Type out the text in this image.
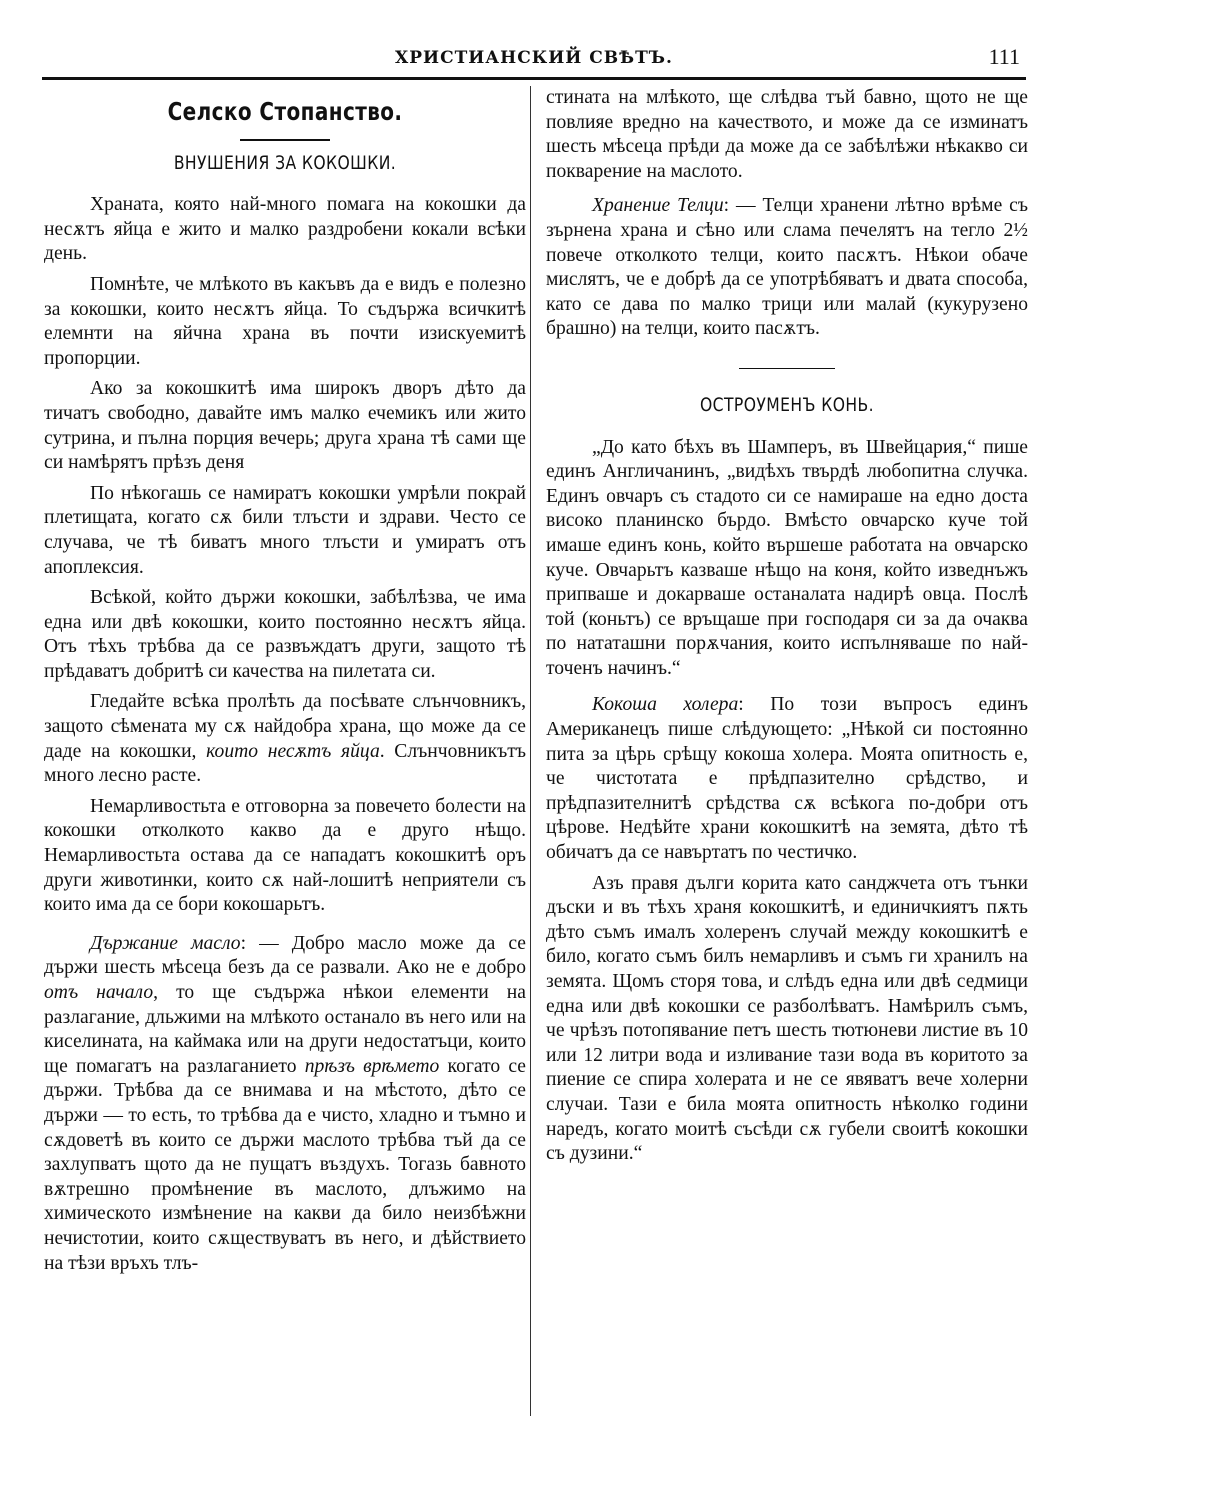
ХРИСТИАНСКИЙ СВѢТЪ.	111
Селско Стопанство.
ВНУШЕНИЯ ЗА КОКОШКИ.

Храната, която най-много помага на кокошки да несѫтъ яйца е жито и малко раздробени кокали всѣки день.

Помнѣте, че млѣкото въ какъвъ да е видъ е полезно за кокошки, които несѫтъ яйца. То съдържа всичкитѣ елемнти на яйчна храна въ почти изискуемитѣ пропорции.

Ако за кокошкитѣ има широкъ дворъ дѣто да тичатъ свободно, давайте имъ малко ечемикъ или жито сутрина, и пълна порция вечерь; друга храна тѣ сами ще си намѣрятъ прѣзъ деня

По нѣкогашь се намиратъ кокошки умрѣли покрай плетищата, когато сѫ били тлъсти и здрави. Често се случава, че тѣ биватъ много тлъсти и умиратъ отъ апоплексия.

Всѣкой, който държи кокошки, забѣлѣзва, че има една или двѣ кокошки, които постоянно несѫтъ яйца. Отъ тѣхъ трѣбва да се развъждатъ други, защото тѣ прѣдаватъ добритѣ си качества на пилетата си.

Гледайте всѣка пролѣть да посѣвате слънчовникъ, защото сѣмената му сѫ найдобра храна, що може да се даде на кокошки, които несѫтъ яйца. Слънчовникътъ много лесно расте.

Немарливостьта е отговорна за повечето болести на кокошки отколкото какво да е друго нѣщо. Немарливостьта остава да се нападатъ кокошкитѣ оръ други животинки, които сѫ най-лошитѣ неприятели съ които има да се бори кокошарьтъ.

Държание масло: — Добро масло може да се държи шесть мѣсеца безъ да се развали. Ако не е добро отъ начало, то ще съдържа нѣкои елементи на разлагание, дльжими на млѣкото останало въ него или на киселината, на каймака или на други недостатъци, които ще помагатъ на разлаганието прѣзъ врѣмето когато се държи. Трѣбва да се внимава и на мѣстото, дѣто се държи — то есть, то трѣбва да е чисто, хладно и тъмно и сѫдоветѣ въ които се държи маслото трѣбва тъй да се захлупватъ щото да не пущатъ въздухъ. Тогазь бавното вѫтрешно промѣнение въ маслото, длъжимо на химическото измѣнение на какви да било неизбѣжни нечистотии, които сѫществуватъ въ него, и дѣйствието на тѣзи връхъ тлъ-

стината на млѣкото, ще слѣдва тъй бавно, щото не ще повлияе вредно на качеството, и може да се изминатъ шесть мѣсеца прѣди да може да се забѣлѣжи нѣкакво си покварение на маслото.

Хранение Телци: — Телци хранени лѣтно врѣме съ зърнена храна и сѣно или слама печелятъ на тегло 2½ повече отколкото телци, които пасѫтъ. Нѣкои обаче мислятъ, че е добрѣ да се употрѣбяватъ и двата способа, като се дава по малко трици или малай (кукурузено брашно) на телци, които пасѫтъ.

ОСТРОУМЕНЪ КОНЬ.

„До като бѣхъ въ Шамперъ, въ Швейцария,“ пише единъ Англичанинъ, „видѣхъ твърдѣ любопитна случка. Единъ овчаръ съ стадото си се намираше на едно доста високо планинско бърдо. Вмѣсто овчарско куче той имаше единъ конь, който вършеше работата на овчарско куче. Овчарьтъ казваше нѣщо на коня, който изведнъжъ припваше и докарваше останалата надирѣ овца. Послѣ той (коньтъ) се връщаше при господаря си за да очаква по нататашни порѫчания, които испълняваше по най-точенъ начинъ.“

Кокоша холера: По този въпросъ единъ Американецъ пише слѣдующето: „Нѣкой си постоянно пита за цѣрь срѣщу кокоша холера. Моята опитность е, че чистотата е прѣдпазително срѣдство, и прѣдпазителнитѣ срѣдства сѫ всѣкога по-добри отъ цѣрове. Недѣйте храни кокошкитѣ на земята, дѣто тѣ обичатъ да се навъртатъ по честичко.

Азъ правя дълги корита като санджчета отъ тънки дъски и въ тѣхъ храня кокошкитѣ, и единичкиятъ пѫть дѣто съмъ ималъ холеренъ случай между кокошкитѣ е било, когато съмъ билъ немарливъ и съмъ ги хранилъ на земята. Щомъ сторя това, и слѣдъ една или двѣ седмици една или двѣ кокошки се разболѣватъ. Намѣрилъ съмъ, че чрѣзъ потопявание петъ шесть тютюневи листие въ 10 или 12 литри вода и изливание тази вода въ коритото за пиение се спира холерата и не се явяватъ вече холерни случаи. Тази е била моята опитность нѣколко години наредъ, когато моитѣ съсѣди сѫ губели своитѣ кокошки съ дузини.“
